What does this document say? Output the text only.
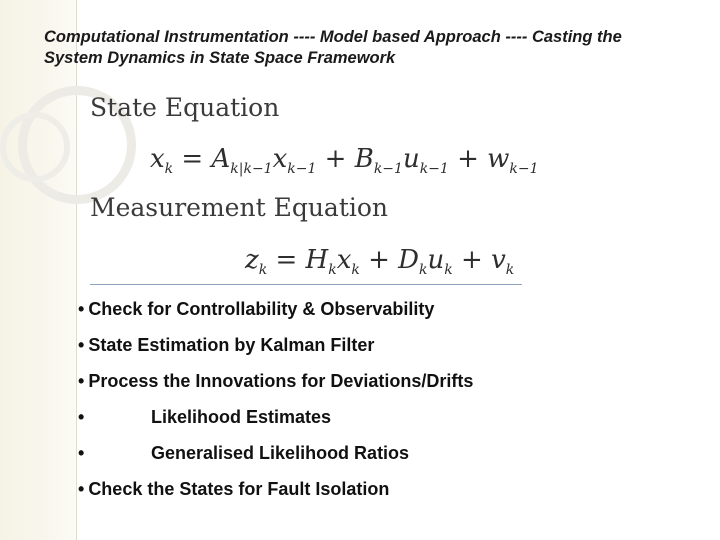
Computational Instrumentation ---- Model based Approach ---- Casting the System Dynamics in State Space Framework
State Equation
$x_k = A_{k|k-1}x_{k-1} + B_{k-1}u_{k-1} + w_{k-1}$
Measurement Equation
$z_k = H_kx_k + D_ku_k + v_k$
• Check for Controllability & Observability
• State Estimation by Kalman Filter
• Process the Innovations for Deviations/Drifts
•	Likelihood Estimates
•	Generalised Likelihood Ratios
• Check the States for Fault Isolation
